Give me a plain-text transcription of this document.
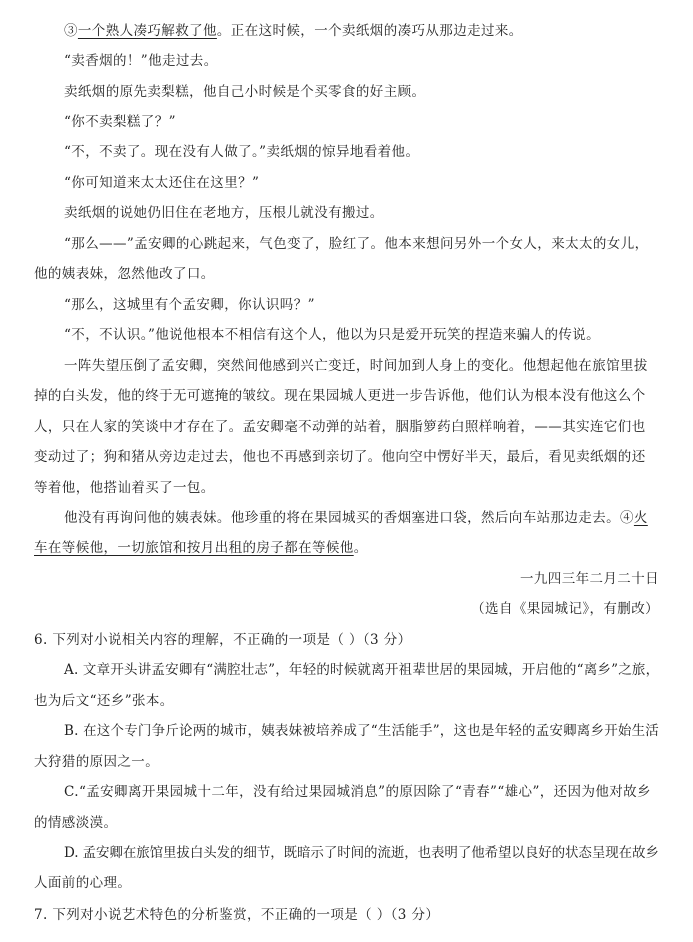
③一个熟人凑巧解救了他。正在这时候，一个卖纸烟的凑巧从那边走过来。
“卖香烟的！”他走过去。
卖纸烟的原先卖梨糕，他自己小时候是个买零食的好主顾。
“你不卖梨糕了？”
“不，不卖了。现在没有人做了。”卖纸烟的惊异地看着他。
“你可知道来太太还住在这里？”
卖纸烟的说她仍旧住在老地方，压根儿就没有搬过。
“那么——”孟安卿的心跳起来，气色变了，脸红了。他本来想问另外一个女人，来太太的女儿，
他的姨表妹，忽然他改了口。
“那么，这城里有个孟安卿，你认识吗？”
“不，不认识。”他说他根本不相信有这个人，他以为只是爱开玩笑的捏造来骗人的传说。
一阵失望压倒了孟安卿，突然间他感到兴亡变迁，时间加到人身上的变化。他想起他在旅馆里拔
掉的白头发，他的终于无可遮掩的皱纹。现在果园城人更进一步告诉他，他们认为根本没有他这么个
人，只在人家的笑谈中才存在了。孟安卿毫不动弹的站着，胭脂箩药白照样响着，——其实连它们也
变动过了；狗和猪从旁边走过去，他也不再感到亲切了。他向空中愣好半天，最后，看见卖纸烟的还
等着他，他搭讪着买了一包。
他没有再询问他的姨表妹。他珍重的将在果园城买的香烟塞进口袋，然后向车站那边走去。④火
车在等候他，一切旅馆和按月出租的房子都在等候他。
一九四三年二月二十日
（选自《果园城记》，有删改）
6. 下列对小说相关内容的理解，不正确的一项是（ ）（3 分）
A. 文章开头讲孟安卿有“满腔壮志”，年轻的时候就离开祖辈世居的果园城，开启他的“离乡”之旅，
也为后文“还乡”张本。
B. 在这个专门争斤论两的城市，姨表妹被培养成了“生活能手”，这也是年轻的孟安卿离乡开始生活
大狩猎的原因之一。
C.“孟安卿离开果园城十二年，没有给过果园城消息”的原因除了“青春”“雄心”，还因为他对故乡
的情感淡漠。
D. 孟安卿在旅馆里拔白头发的细节，既暗示了时间的流逝，也表明了他希望以良好的状态呈现在故乡
人面前的心理。
7. 下列对小说艺术特色的分析鉴赏，不正确的一项是（ ）（3 分）
